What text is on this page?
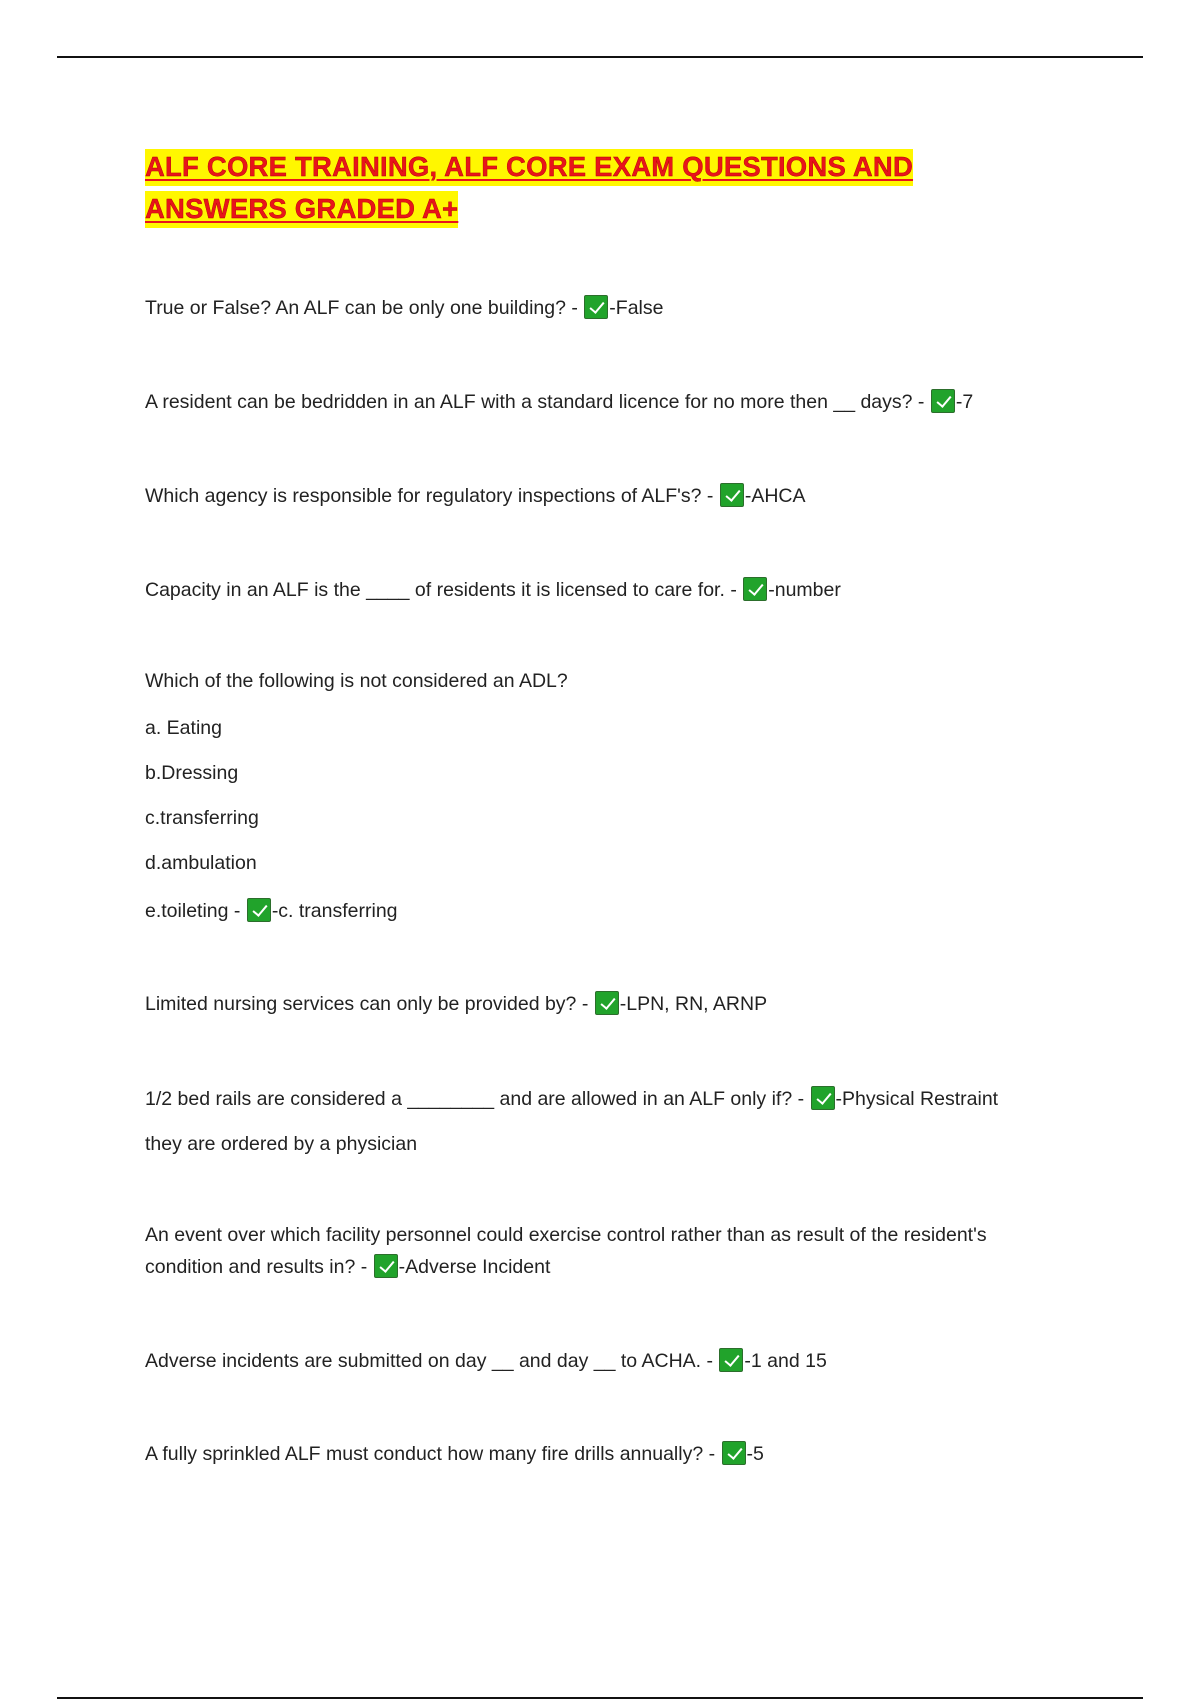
ALF CORE TRAINING, ALF CORE EXAM QUESTIONS AND
ANSWERS GRADED A+
True or False? An ALF can be only one building? - -False
A resident can be bedridden in an ALF with a standard licence for no more then __ days? - -7
Which agency is responsible for regulatory inspections of ALF's? - -AHCA
Capacity in an ALF is the ____ of residents it is licensed to care for. - -number
Which of the following is not considered an ADL?
a. Eating
b.Dressing
c.transferring
d.ambulation
e.toileting - -c. transferring
Limited nursing services can only be provided by? - -LPN, RN, ARNP
1/2 bed rails are considered a ________ and are allowed in an ALF only if? - -Physical Restraint
they are ordered by a physician
An event over which facility personnel could exercise control rather than as result of the resident's
condition and results in? - -Adverse Incident
Adverse incidents are submitted on day __ and day __ to ACHA. - -1 and 15
A fully sprinkled ALF must conduct how many fire drills annually? - -5
